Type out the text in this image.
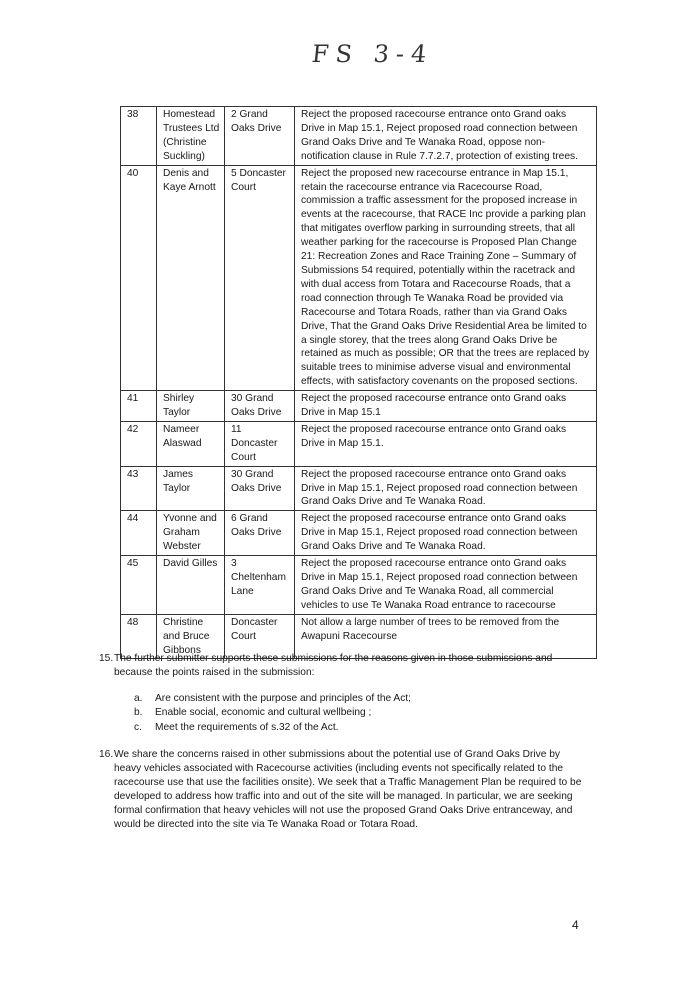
FS 3-4
38	Homestead Trustees Ltd (Christine Suckling)	2 Grand Oaks Drive	Reject the proposed racecourse entrance onto Grand oaks Drive in Map 15.1, Reject proposed road connection between Grand Oaks Drive and Te Wanaka Road, oppose non-notification clause in Rule 7.7.2.7, protection of existing trees.
40	Denis and Kaye Arnott	5 Doncaster Court	Reject the proposed new racecourse entrance in Map 15.1, retain the racecourse entrance via Racecourse Road, commission a traffic assessment for the proposed increase in events at the racecourse, that RACE Inc provide a parking plan that mitigates overflow parking in surrounding streets, that all weather parking for the racecourse is Proposed Plan Change 21: Recreation Zones and Race Training Zone – Summary of Submissions 54 required, potentially within the racetrack and with dual access from Totara and Racecourse Roads, that a road connection through Te Wanaka Road be provided via Racecourse and Totara Roads, rather than via Grand Oaks Drive, That the Grand Oaks Drive Residential Area be limited to a single storey, that the trees along Grand Oaks Drive be retained as much as possible; OR that the trees are replaced by suitable trees to minimise adverse visual and environmental effects, with satisfactory covenants on the proposed sections.
41	Shirley Taylor	30 Grand Oaks Drive	Reject the proposed racecourse entrance onto Grand oaks Drive in Map 15.1
42	Nameer Alaswad	11 Doncaster Court	Reject the proposed racecourse entrance onto Grand oaks Drive in Map 15.1.
43	James Taylor	30 Grand Oaks Drive	Reject the proposed racecourse entrance onto Grand oaks Drive in Map 15.1, Reject proposed road connection between Grand Oaks Drive and Te Wanaka Road.
44	Yvonne and Graham Webster	6 Grand Oaks Drive	Reject the proposed racecourse entrance onto Grand oaks Drive in Map 15.1, Reject proposed road connection between Grand Oaks Drive and Te Wanaka Road.
45	David Gilles	3 Cheltenham Lane	Reject the proposed racecourse entrance onto Grand oaks Drive in Map 15.1, Reject proposed road connection between Grand Oaks Drive and Te Wanaka Road, all commercial vehicles to use Te Wanaka Road entrance to racecourse
48	Christine and Bruce Gibbons	Doncaster Court	Not allow a large number of trees to be removed from the Awapuni Racecourse
15. The further submitter supports these submissions for the reasons given in those submissions and because the points raised in the submission:
a. Are consistent with the purpose and principles of the Act;
b. Enable social, economic and cultural wellbeing ;
c. Meet the requirements of s.32 of the Act.
16. We share the concerns raised in other submissions about the potential use of Grand Oaks Drive by heavy vehicles associated with Racecourse activities (including events not specifically related to the racecourse use that use the facilities onsite). We seek that a Traffic Management Plan be required to be developed to address how traffic into and out of the site will be managed. In particular, we are seeking formal confirmation that heavy vehicles will not use the proposed Grand Oaks Drive entranceway, and would be directed into the site via Te Wanaka Road or Totara Road.
4
